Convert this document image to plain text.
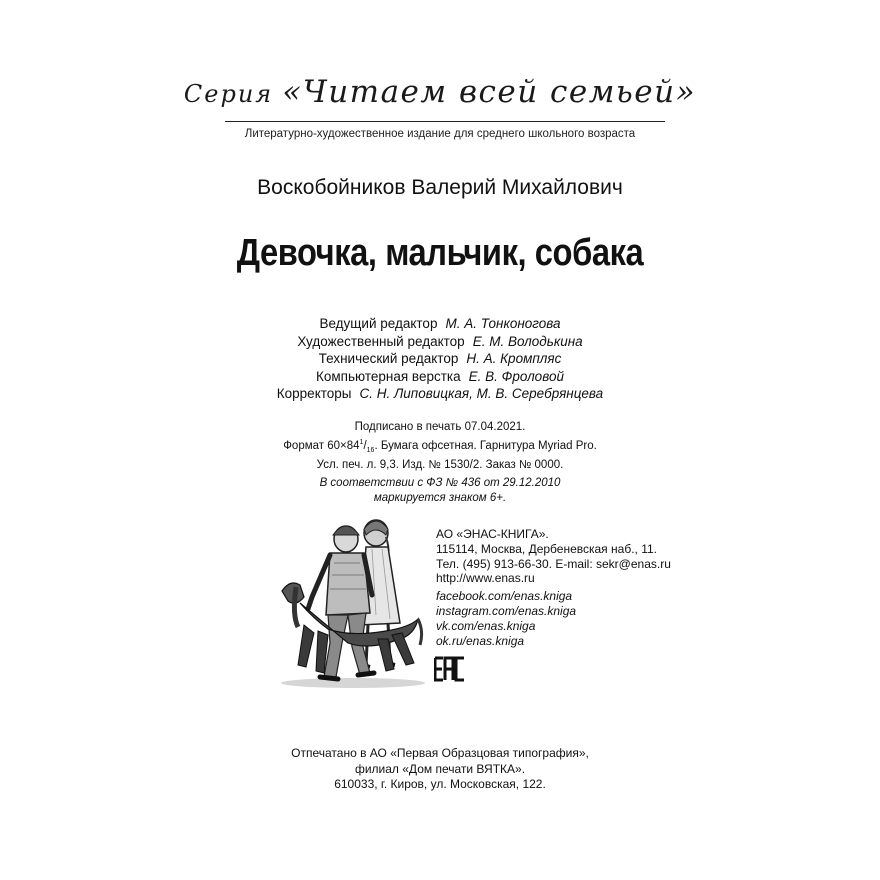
Серия «Читаем всей семьей»
Литературно-художественное издание для среднего школьного возраста
Воскобойников Валерий Михайлович
Девочка, мальчик, собака
Ведущий редактор М. А. Тонконогова
Художественный редактор Е. М. Володькина
Технический редактор Н. А. Кромпляс
Компьютерная верстка Е. В. Фроловой
Корректоры С. Н. Липовицкая, М. В. Серебрянцева
Подписано в печать 07.04.2021.
Формат $60\times 84^1/_{16}$. Бумага офсетная. Гарнитура Myriad Pro.
Усл. печ. л. 9,3. Изд. № 1530/2. Заказ № 0000.
В соответствии с ФЗ № 436 от 29.12.2010
маркируется знаком 6+.
АО «ЭНАС-КНИГА».
115114, Москва, Дербеневская наб., 11.
Тел. (495) 913-66-30. E-mail: sekr@enas.ru
http://www.enas.ru
facebook.com/enas.kniga
instagram.com/enas.kniga
vk.com/enas.kniga
ok.ru/enas.kniga
Отпечатано в АО «Первая Образцовая типография»,
филиал «Дом печати ВЯТКА».
610033, г. Киров, ул. Московская, 122.
